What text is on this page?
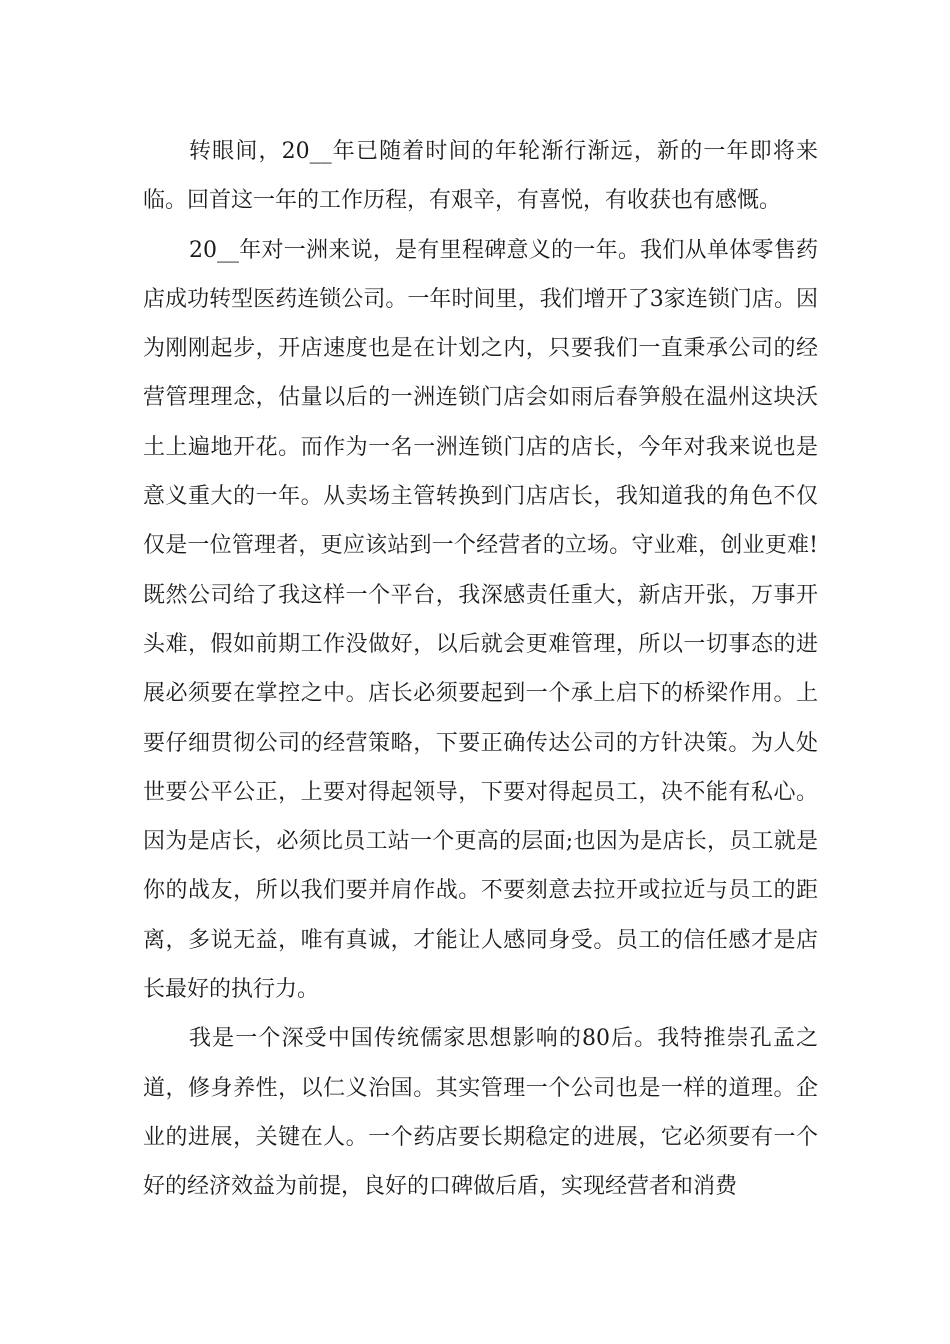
转眼间，20__年已随着时间的年轮渐行渐远，新的一年即将来临。回首这一年的工作历程，有艰辛，有喜悦，有收获也有感慨。

20__年对一洲来说，是有里程碑意义的一年。我们从单体零售药店成功转型医药连锁公司。一年时间里，我们增开了3家连锁门店。因为刚刚起步，开店速度也是在计划之内，只要我们一直秉承公司的经营管理理念，估量以后的一洲连锁门店会如雨后春笋般在温州这块沃土上遍地开花。而作为一名一洲连锁门店的店长，今年对我来说也是意义重大的一年。从卖场主管转换到门店店长，我知道我的角色不仅仅是一位管理者，更应该站到一个经营者的立场。守业难，创业更难!既然公司给了我这样一个平台，我深感责任重大，新店开张，万事开头难，假如前期工作没做好，以后就会更难管理，所以一切事态的进展必须要在掌控之中。店长必须要起到一个承上启下的桥梁作用。上要仔细贯彻公司的经营策略，下要正确传达公司的方针决策。为人处世要公平公正，上要对得起领导，下要对得起员工，决不能有私心。因为是店长，必须比员工站一个更高的层面;也因为是店长，员工就是你的战友，所以我们要并肩作战。不要刻意去拉开或拉近与员工的距离，多说无益，唯有真诚，才能让人感同身受。员工的信任感才是店长最好的执行力。

我是一个深受中国传统儒家思想影响的80后。我特推崇孔孟之道，修身养性，以仁义治国。其实管理一个公司也是一样的道理。企业的进展，关键在人。一个药店要长期稳定的进展，它必须要有一个好的经济效益为前提，良好的口碑做后盾，实现经营者和消费
